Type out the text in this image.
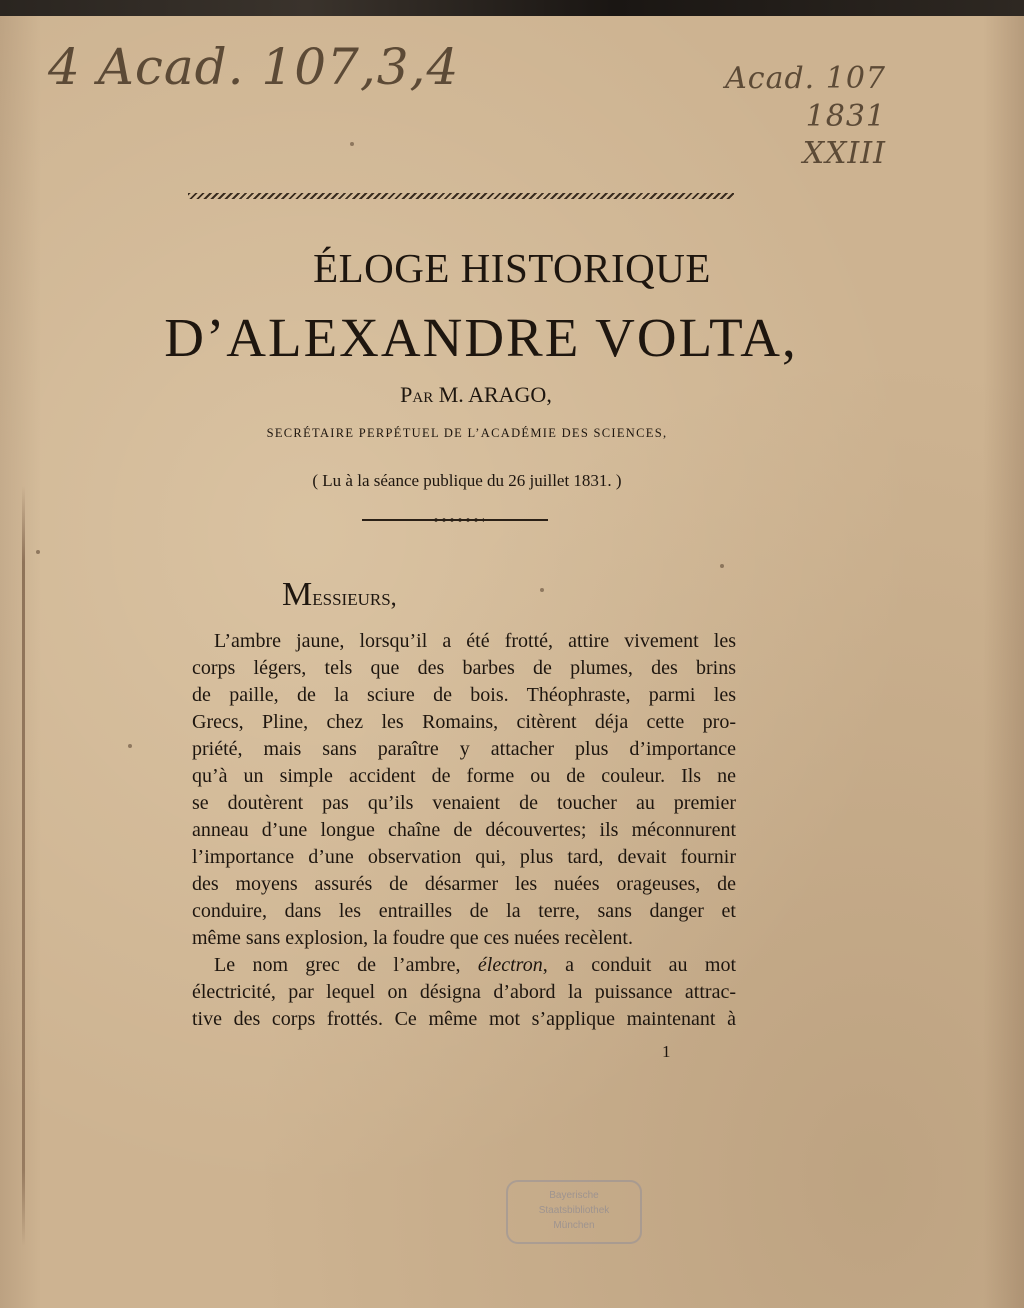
4 Acad. 107,3,4	Acad. 107
1831
XXIII
ÉLOGE HISTORIQUE
D’ALEXANDRE VOLTA,
Par M. ARAGO,
SECRÉTAIRE PERPÉTUEL DE L’ACADÉMIE DES SCIENCES,
( Lu à la séance publique du 26 juillet 1831. )
Messieurs,
L’ambre jaune, lorsqu’il a été frotté, attire vivement les
corps légers, tels que des barbes de plumes, des brins
de paille, de la sciure de bois. Théophraste, parmi les
Grecs, Pline, chez les Romains, citèrent déja cette pro-
priété, mais sans paraître y attacher plus d’importance
qu’à un simple accident de forme ou de couleur. Ils ne
se doutèrent pas qu’ils venaient de toucher au premier
anneau d’une longue chaîne de découvertes; ils méconnurent
l’importance d’une observation qui, plus tard, devait fournir
des moyens assurés de désarmer les nuées orageuses, de
conduire, dans les entrailles de la terre, sans danger et
même sans explosion, la foudre que ces nuées recèlent.
Le nom grec de l’ambre, électron, a conduit au mot
électricité, par lequel on désigna d’abord la puissance attrac-
tive des corps frottés. Ce même mot s’applique maintenant à
1
Bayerische
Staatsbibliothek
München
